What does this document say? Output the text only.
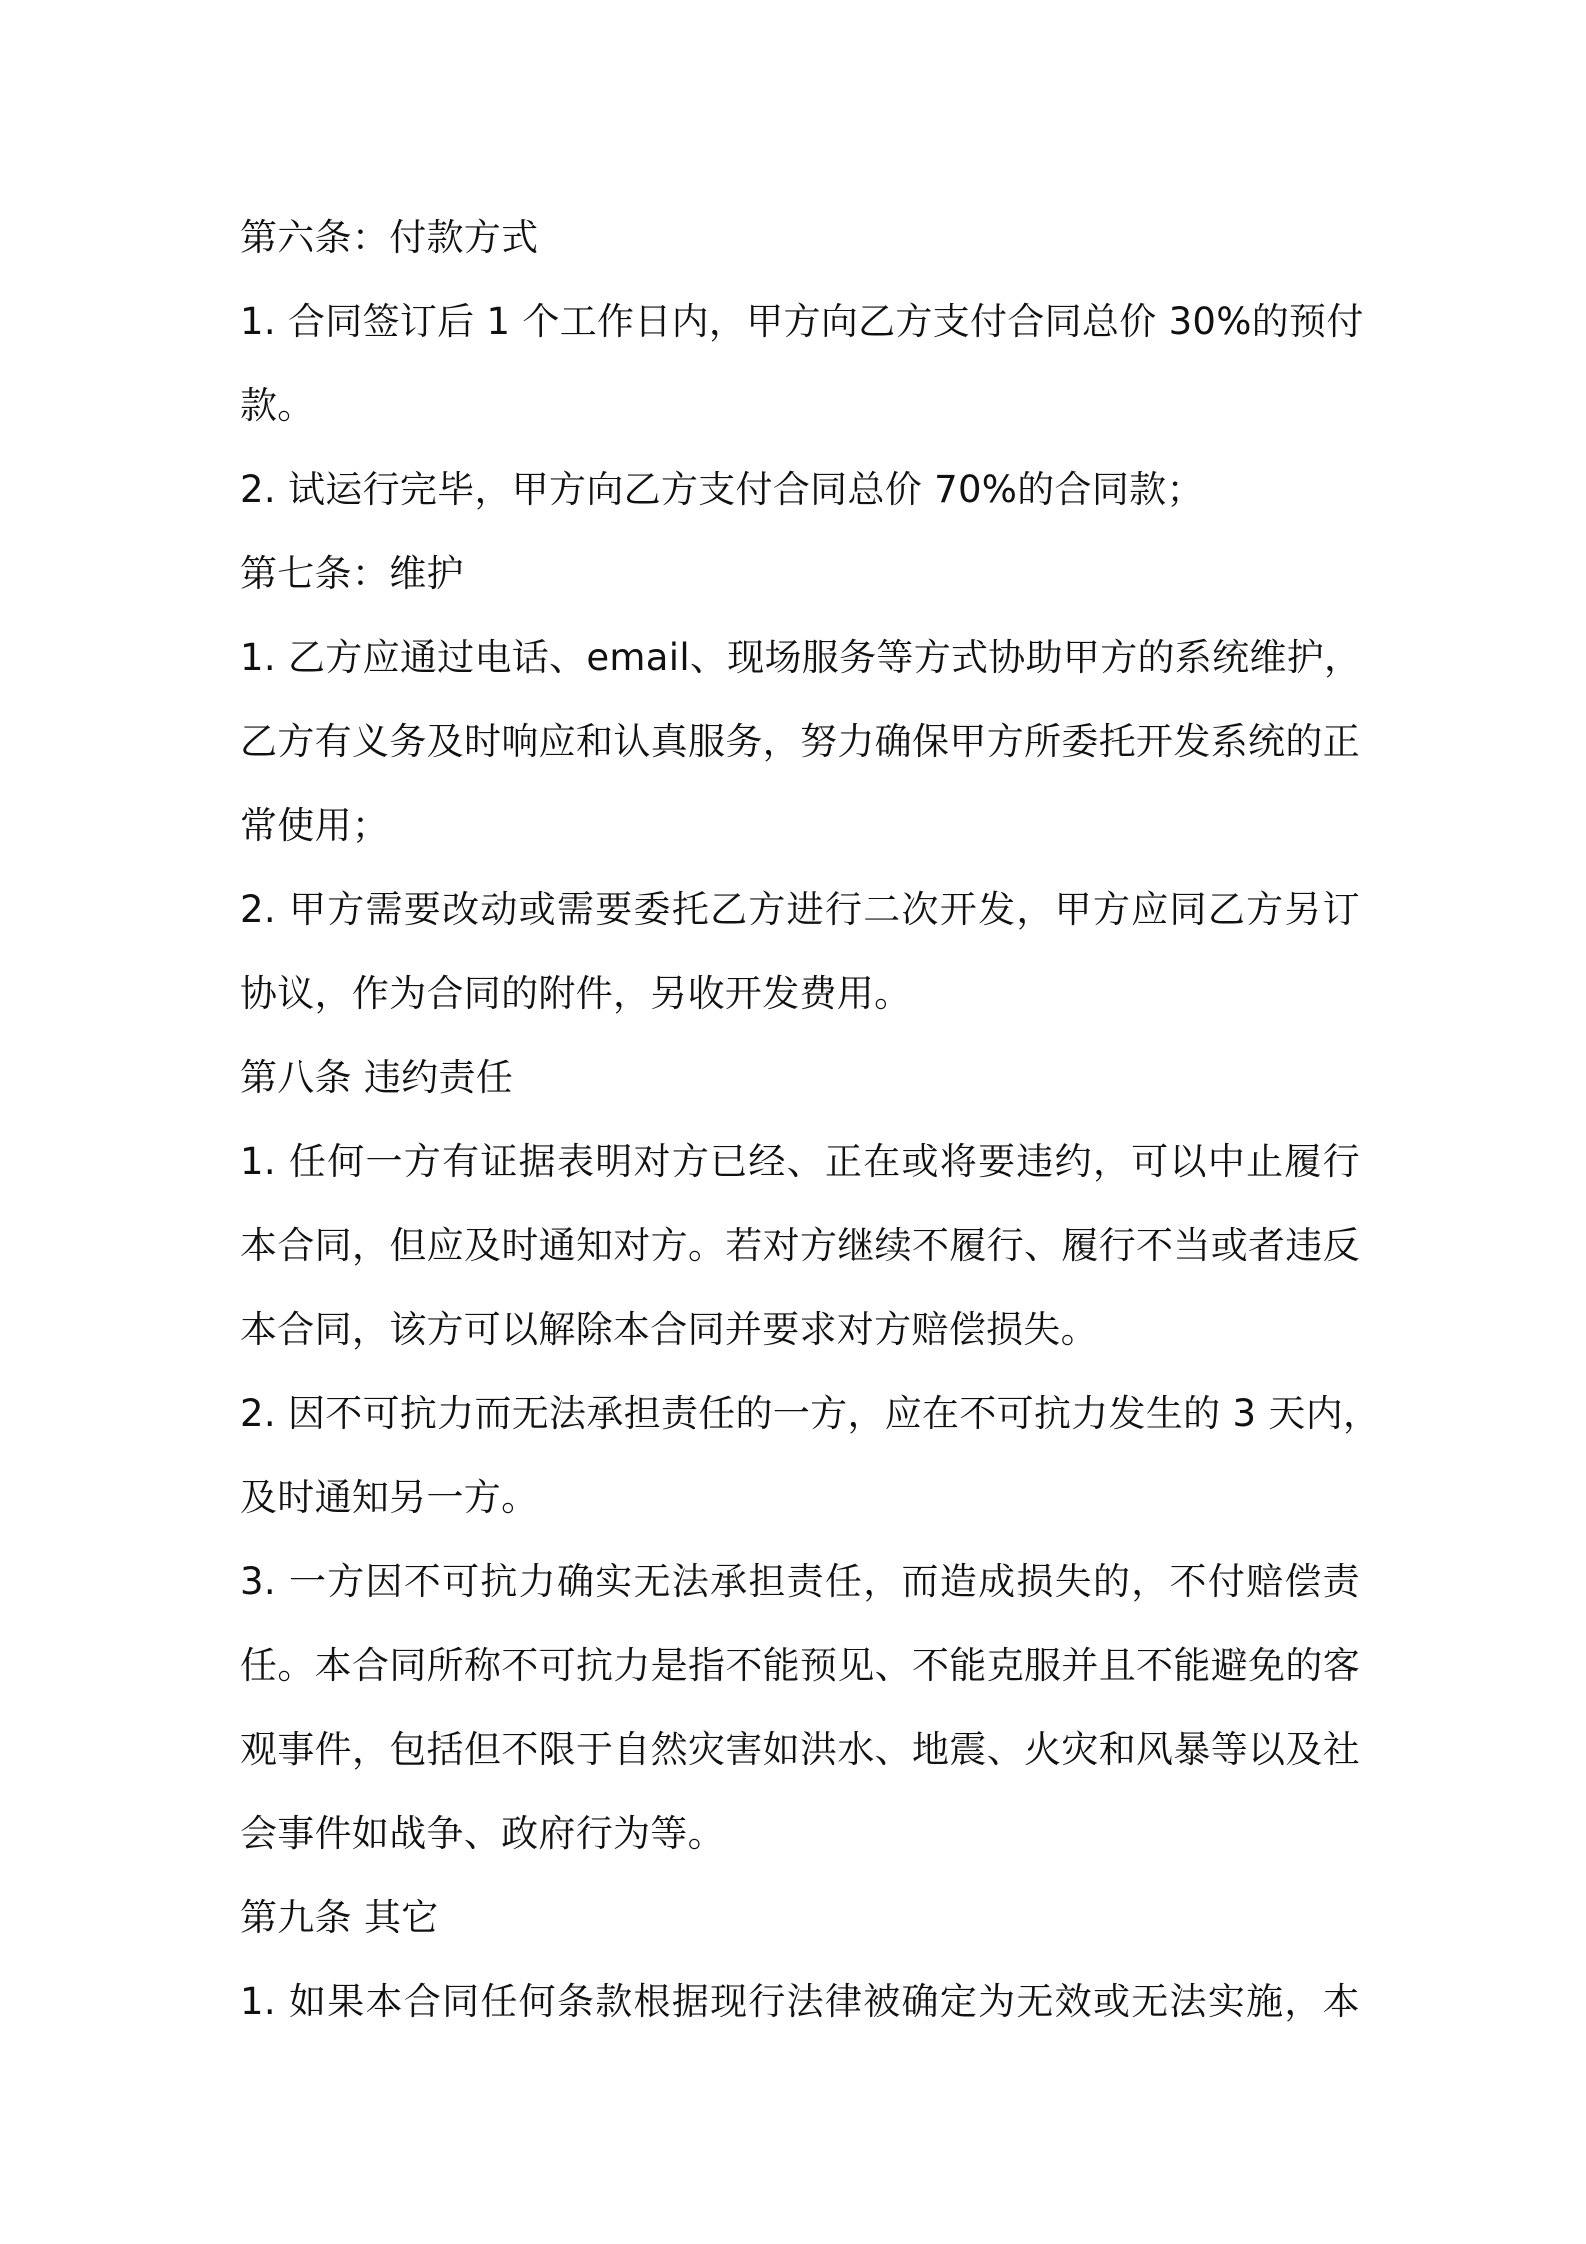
第六条：付款方式
1. 合同签订后 1 个工作日内，甲方向乙方支付合同总价 30%的预付
款。
2. 试运行完毕，甲方向乙方支付合同总价 70%的合同款；
第七条：维护
1. 乙方应通过电话、email、现场服务等方式协助甲方的系统维护，
乙方有义务及时响应和认真服务，努力确保甲方所委托开发系统的正
常使用；
2. 甲方需要改动或需要委托乙方进行二次开发，甲方应同乙方另订
协议，作为合同的附件，另收开发费用。
第八条 违约责任
1. 任何一方有证据表明对方已经、正在或将要违约，可以中止履行
本合同，但应及时通知对方。若对方继续不履行、履行不当或者违反
本合同，该方可以解除本合同并要求对方赔偿损失。
2. 因不可抗力而无法承担责任的一方，应在不可抗力发生的 3 天内，
及时通知另一方。
3. 一方因不可抗力确实无法承担责任，而造成损失的，不付赔偿责
任。本合同所称不可抗力是指不能预见、不能克服并且不能避免的客
观事件，包括但不限于自然灾害如洪水、地震、火灾和风暴等以及社
会事件如战争、政府行为等。
第九条 其它
1. 如果本合同任何条款根据现行法律被确定为无效或无法实施，本
